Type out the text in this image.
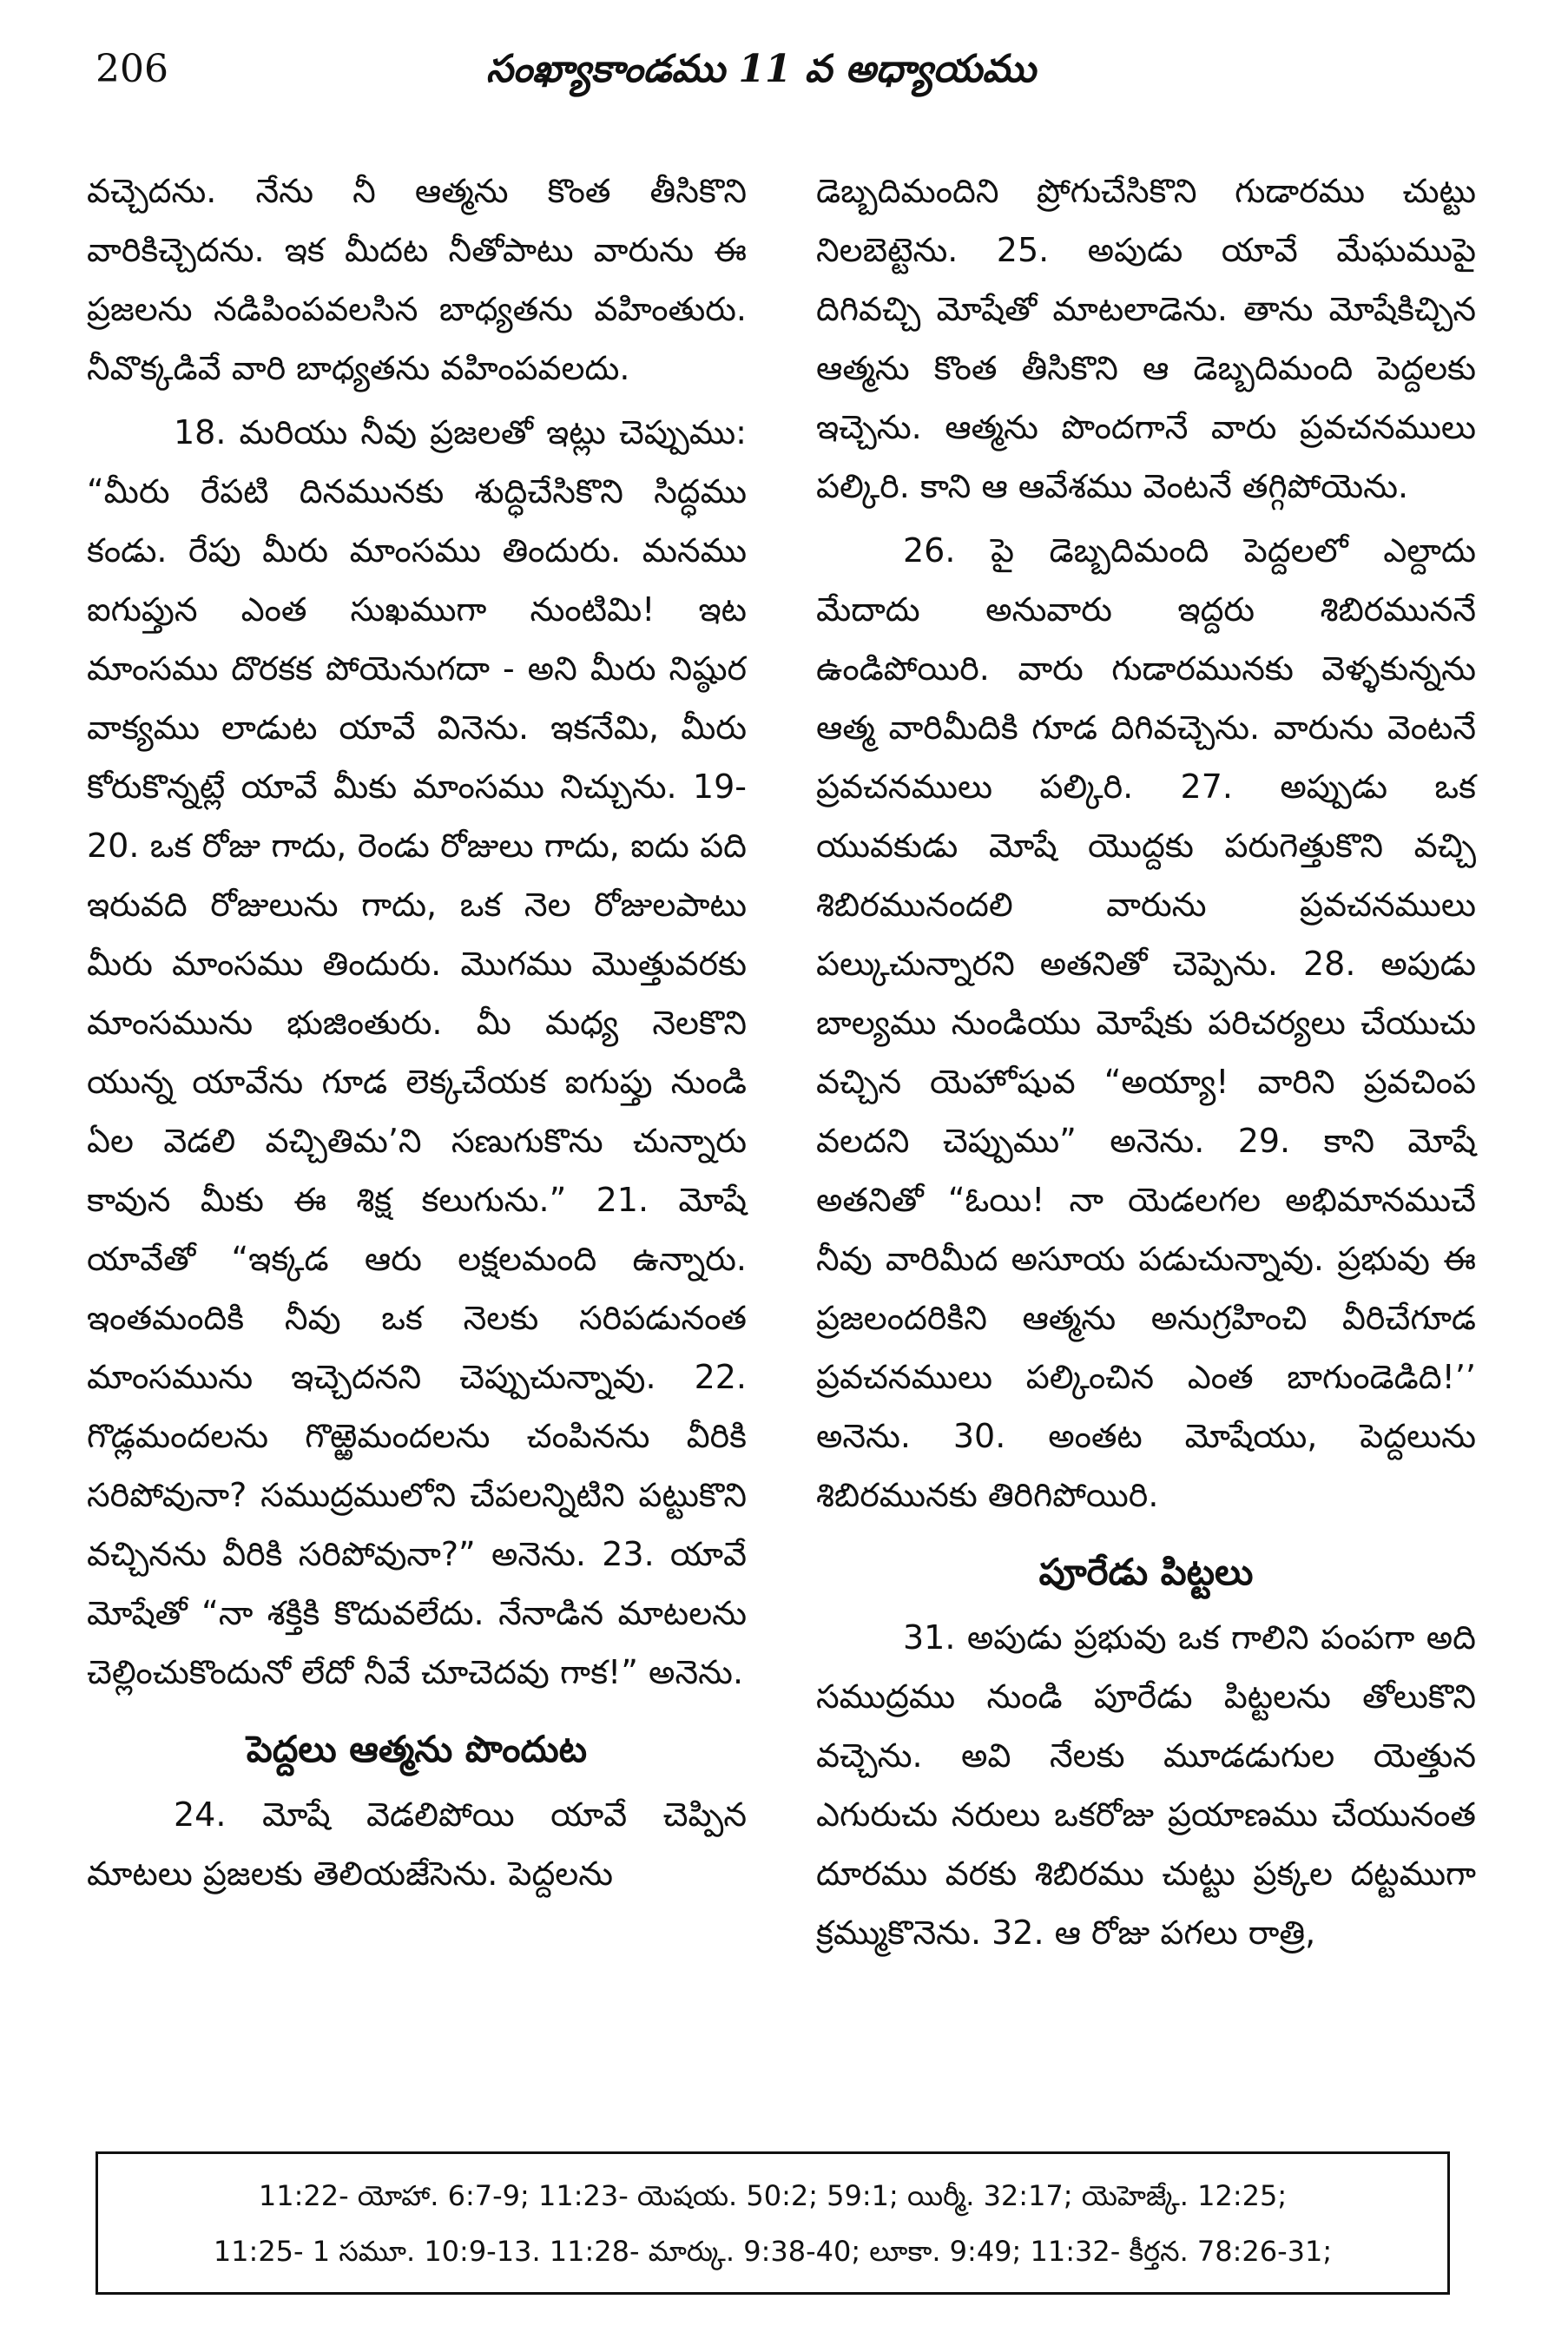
206	సంఖ్యాకాండము 11 వ అధ్యాయము

వచ్చెదను. నేను నీ ఆత్మను కొంత తీసికొని వారికిచ్చెదను. ఇక మీదట నీతోపాటు వారును ఈ ప్రజలను నడిపింపవలసిన బాధ్యతను వహింతురు. నీవొక్కడివే వారి బాధ్యతను వహింపవలదు.

18. మరియు నీవు ప్రజలతో ఇట్లు చెప్పుము: “మీరు రేపటి దినమునకు శుద్ధిచేసికొని సిద్ధము కండు. రేపు మీరు మాంసము తిందురు. మనము ఐగుప్తున ఎంత సుఖముగా నుంటిమి! ఇట మాంసము దొరకక పోయెనుగదా - అని మీరు నిష్ఠుర వాక్యము లాడుట యావే వినెను. ఇకనేమి, మీరు కోరుకొన్నట్లే యావే మీకు మాంసము నిచ్చును. 19-20. ఒక రోజు గాదు, రెండు రోజులు గాదు, ఐదు పది ఇరువది రోజులును గాదు, ఒక నెల రోజులపాటు మీరు మాంసము తిందురు. మొగము మొత్తువరకు మాంసమును భుజింతురు. మీ మధ్య నెలకొని యున్న యావేను గూడ లెక్కచేయక ఐగుప్తు నుండి ఏల వెడలి వచ్చితిమ’ని సణుగుకొను చున్నారు కావున మీకు ఈ శిక్ష కలుగును.” 21. మోషే యావేతో “ఇక్కడ ఆరు లక్షలమంది ఉన్నారు. ఇంతమందికి నీవు ఒక నెలకు సరిపడునంత మాంసమును ఇచ్చెదనని చెప్పుచున్నావు. 22. గొడ్లమందలను గొఱ్ఱెమందలను చంపినను వీరికి సరిపోవునా? సముద్రములోని చేపలన్నిటిని పట్టుకొని వచ్చినను వీరికి సరిపోవునా?” అనెను. 23. యావే మోషేతో “నా శక్తికి కొదువలేదు. నేనాడిన మాటలను చెల్లించుకొందునో లేదో నీవే చూచెదవు గాక!” అనెను.

పెద్దలు ఆత్మను పొందుట

24. మోషే వెడలిపోయి యావే చెప్పిన మాటలు ప్రజలకు తెలియజేసెను. పెద్దలను

డెబ్బదిమందిని ప్రోగుచేసికొని గుడారము చుట్టు నిలబెట్టెను. 25. అపుడు యావే మేఘముపై దిగివచ్చి మోషేతో మాటలాడెను. తాను మోషేకిచ్చిన ఆత్మను కొంత తీసికొని ఆ డెబ్బదిమంది పెద్దలకు ఇచ్చెను. ఆత్మను పొందగానే వారు ప్రవచనములు పల్కిరి. కాని ఆ ఆవేశము వెంటనే తగ్గిపోయెను.

26. పై డెబ్బదిమంది పెద్దలలో ఎల్దాదు మేదాదు అనువారు ఇద్దరు శిబిరముననే ఉండిపోయిరి. వారు గుడారమునకు వెళ్ళకున్నను ఆత్మ వారిమీదికి గూడ దిగివచ్చెను. వారును వెంటనే ప్రవచనములు పల్కిరి. 27. అప్పుడు ఒక యువకుడు మోషే యొద్దకు పరుగెత్తుకొని వచ్చి శిబిరమునందలి వారును ప్రవచనములు పల్కుచున్నారని అతనితో చెప్పెను. 28. అపుడు బాల్యము నుండియు మోషేకు పరిచర్యలు చేయుచు వచ్చిన యెహోషువ “అయ్యా! వారిని ప్రవచింప వలదని చెప్పుము” అనెను. 29. కాని మోషే అతనితో “ఓయి! నా యెడలగల అభిమానముచే నీవు వారిమీద అసూయ పడుచున్నావు. ప్రభువు ఈ ప్రజలందరికిని ఆత్మను అనుగ్రహించి వీరిచేగూడ ప్రవచనములు పల్కించిన ఎంత బాగుండెడిది!’’ అనెను. 30. అంతట మోషేయు, పెద్దలును శిబిరమునకు తిరిగిపోయిరి.

పూరేడు పిట్టలు

31. అపుడు ప్రభువు ఒక గాలిని పంపగా అది సముద్రము నుండి పూరేడు పిట్టలను తోలుకొని వచ్చెను. అవి నేలకు మూడడుగుల యెత్తున ఎగురుచు నరులు ఒకరోజు ప్రయాణము చేయునంత దూరము వరకు శిబిరము చుట్టు ప్రక్కల దట్టముగా క్రమ్ముకొనెను. 32. ఆ రోజు పగలు రాత్రి,

11:22- యోహా. 6:7-9; 11:23- యెషయ. 50:2; 59:1; యిర్మీ. 32:17; యెహెజ్కే. 12:25;

11:25- 1 సమూ. 10:9-13. 11:28- మార్కు. 9:38-40; లూకా. 9:49; 11:32- కీర్తన. 78:26-31;
